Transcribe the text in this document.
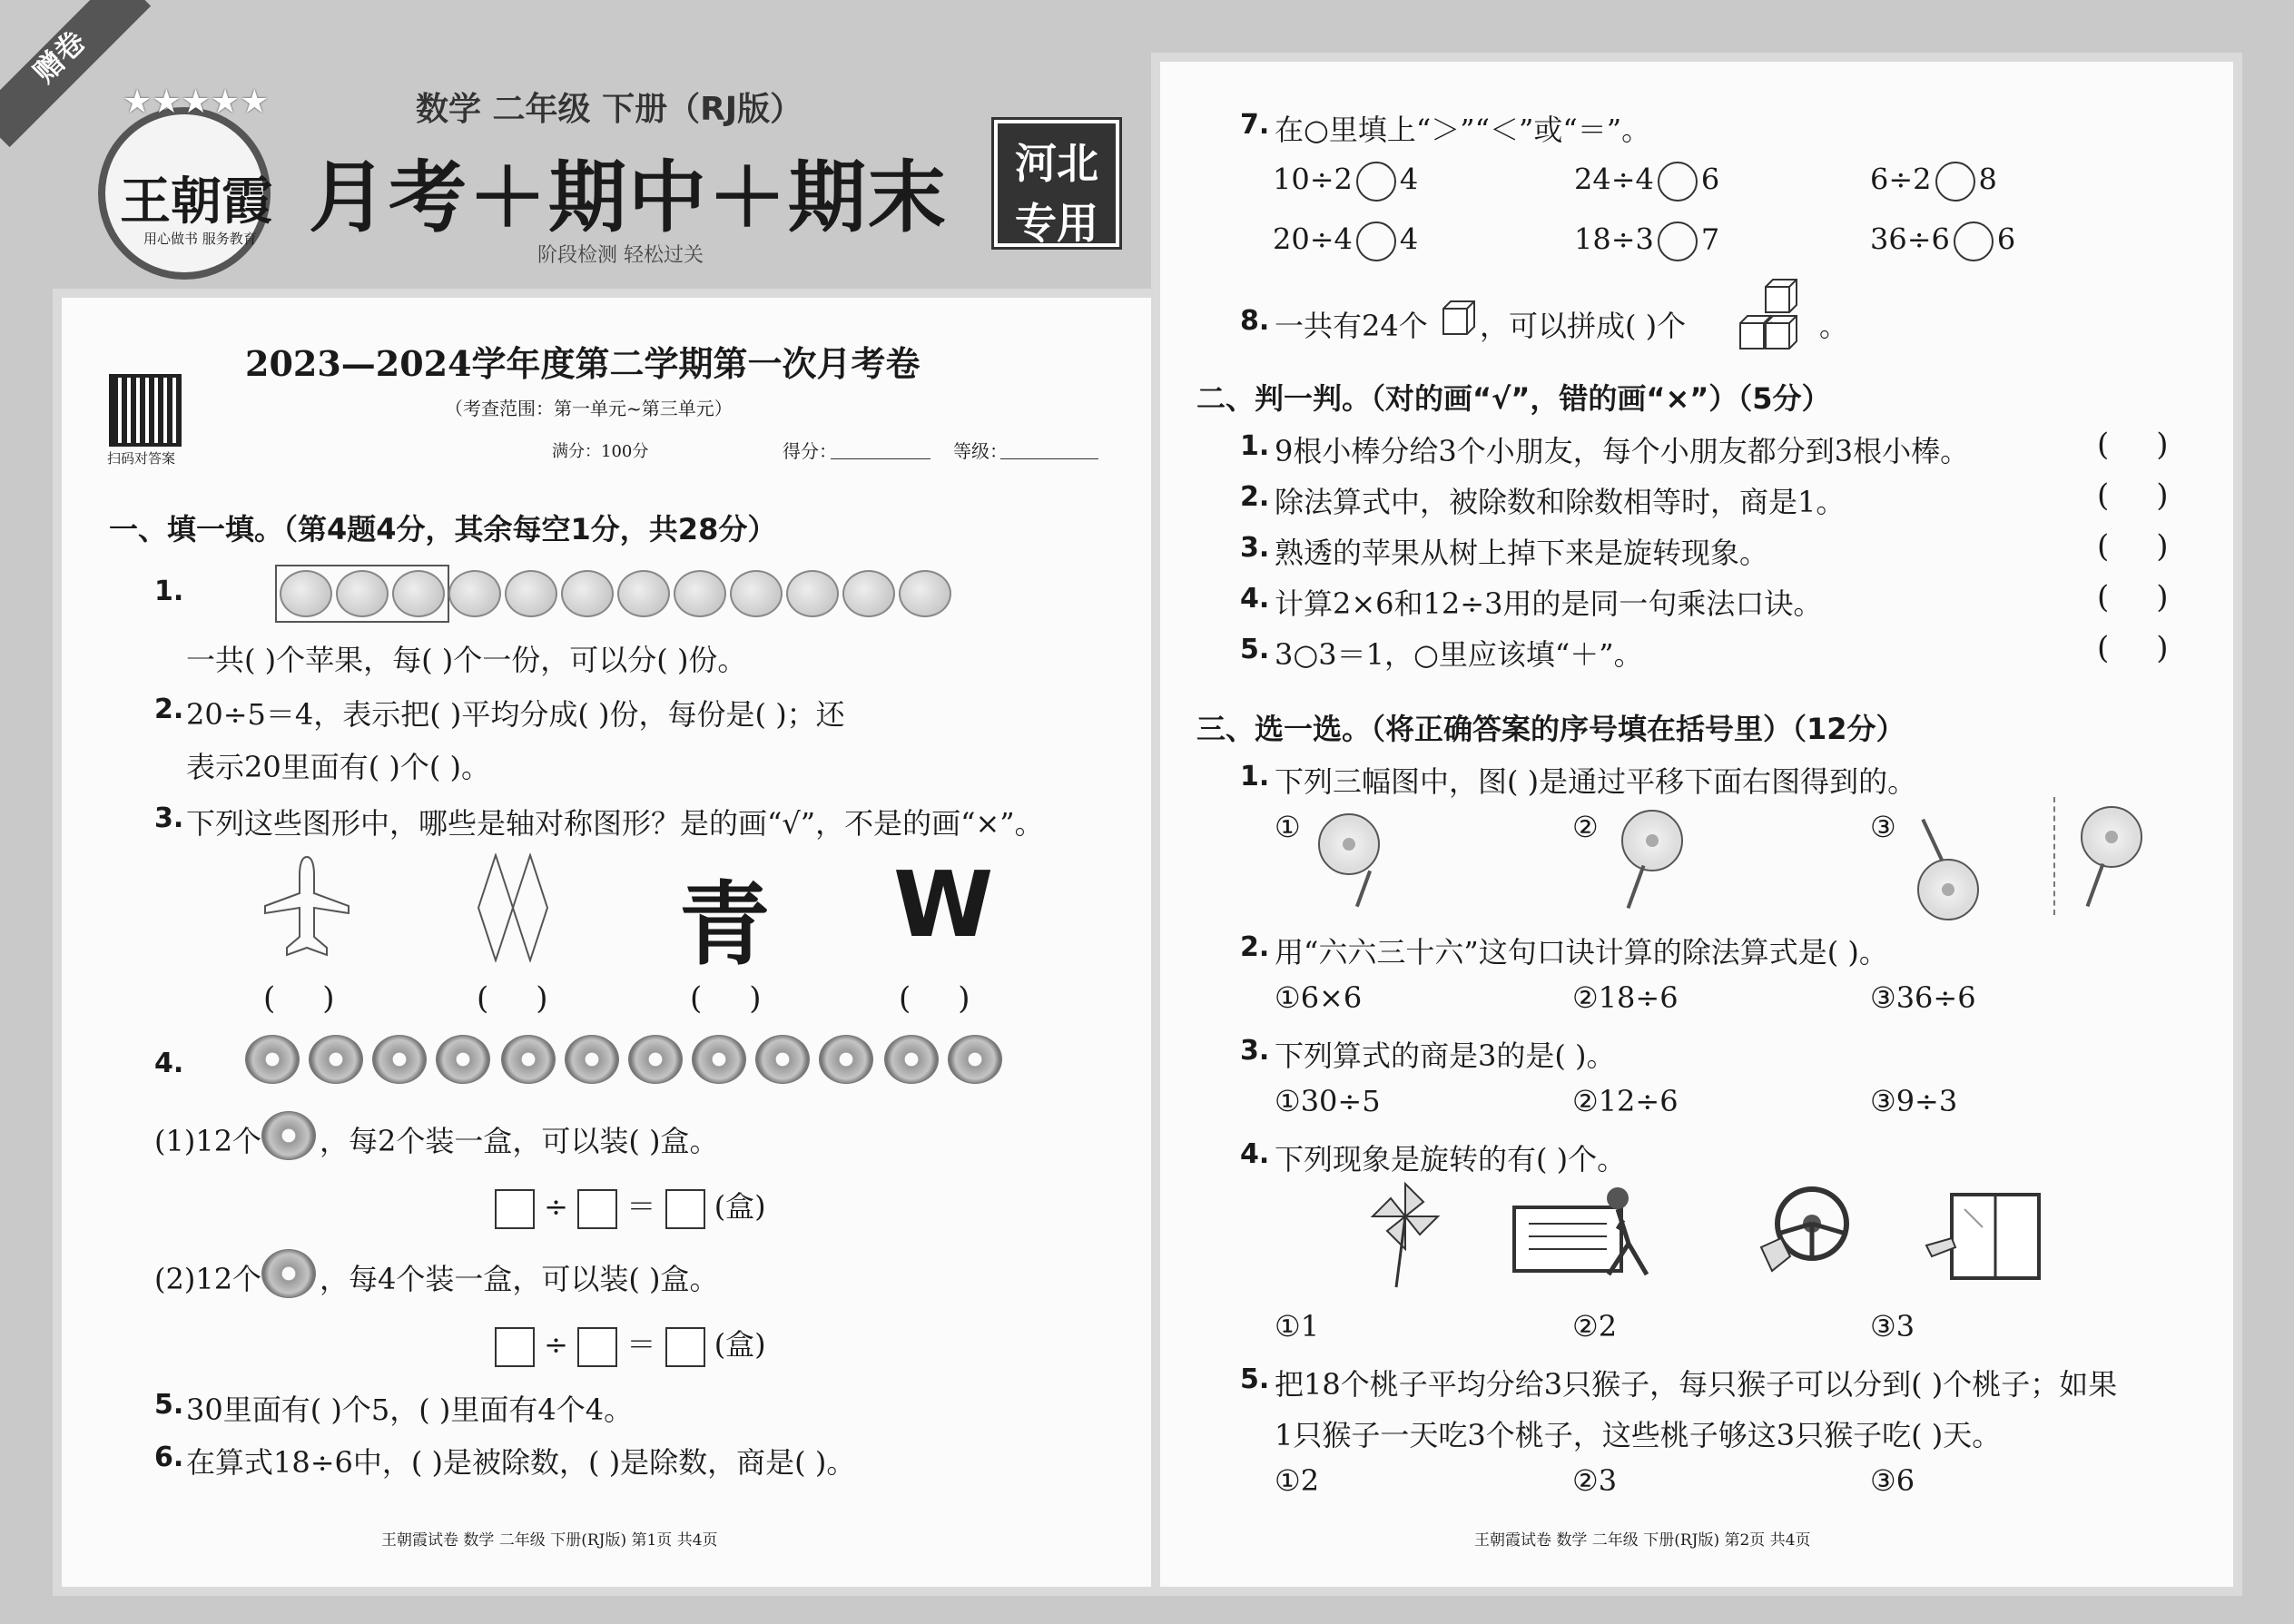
赠卷
★★★★★
王朝霞
用心做书 服务教育
数学 二年级 下册（RJ版）
月考＋期中＋期末	河北
专用
阶段检测 轻松过关
2023—2024学年度第二学期第一次月考卷
（考查范围：第一单元~第三单元）
扫码对答案	满分：100分	得分：	等级：
一、填一填。（第4题4分，其余每空1分，共28分）
1.
一共( )个苹果，每( )个一份，可以分( )份。
2. 20÷5＝4，表示把( )平均分成( )份，每份是( )；还
表示20里面有( )个( )。
3. 下列这些图形中，哪些是轴对称图形？是的画“√”，不是的画“×”。
青 W
()	()	()	()
4.
(1)12个 ，每2个装一盒，可以装( )盒。
÷ ＝ (盒)
(2)12个 ，每4个装一盒，可以装( )盒。
÷ ＝ (盒)
5. 30里面有( )个5，( )里面有4个4。
6. 在算式18÷6中，( )是被除数，( )是除数，商是( )。
王朝霞试卷 数学 二年级 下册(RJ版) 第1页 共4页
7. 在○里填上“＞”“＜”或“＝”。
10÷2 4	24÷4 6	6÷2 8
20÷4 4	18÷3 7	36÷6 6
8. 一共有24个 ，可以拼成( )个	。
二、判一判。（对的画“√”，错的画“×”）（5分）
1. 9根小棒分给3个小朋友，每个小朋友都分到3根小棒。	()
2. 除法算式中，被除数和除数相等时，商是1。	()
3. 熟透的苹果从树上掉下来是旋转现象。	()
4. 计算2×6和12÷3用的是同一句乘法口诀。	()
5. 3○3＝1，○里应该填“＋”。	()
三、选一选。（将正确答案的序号填在括号里）（12分）
1. 下列三幅图中，图( )是通过平移下面右图得到的。
①	②	③
2. 用“六六三十六”这句口诀计算的除法算式是( )。
①6×6	②18÷6	③36÷6
3. 下列算式的商是3的是( )。
①30÷5	②12÷6	③9÷3
4. 下列现象是旋转的有( )个。
①1	②2	③3
5. 把18个桃子平均分给3只猴子，每只猴子可以分到( )个桃子；如果
1只猴子一天吃3个桃子，这些桃子够这3只猴子吃( )天。
①2	②3	③6
王朝霞试卷 数学 二年级 下册(RJ版) 第2页 共4页
